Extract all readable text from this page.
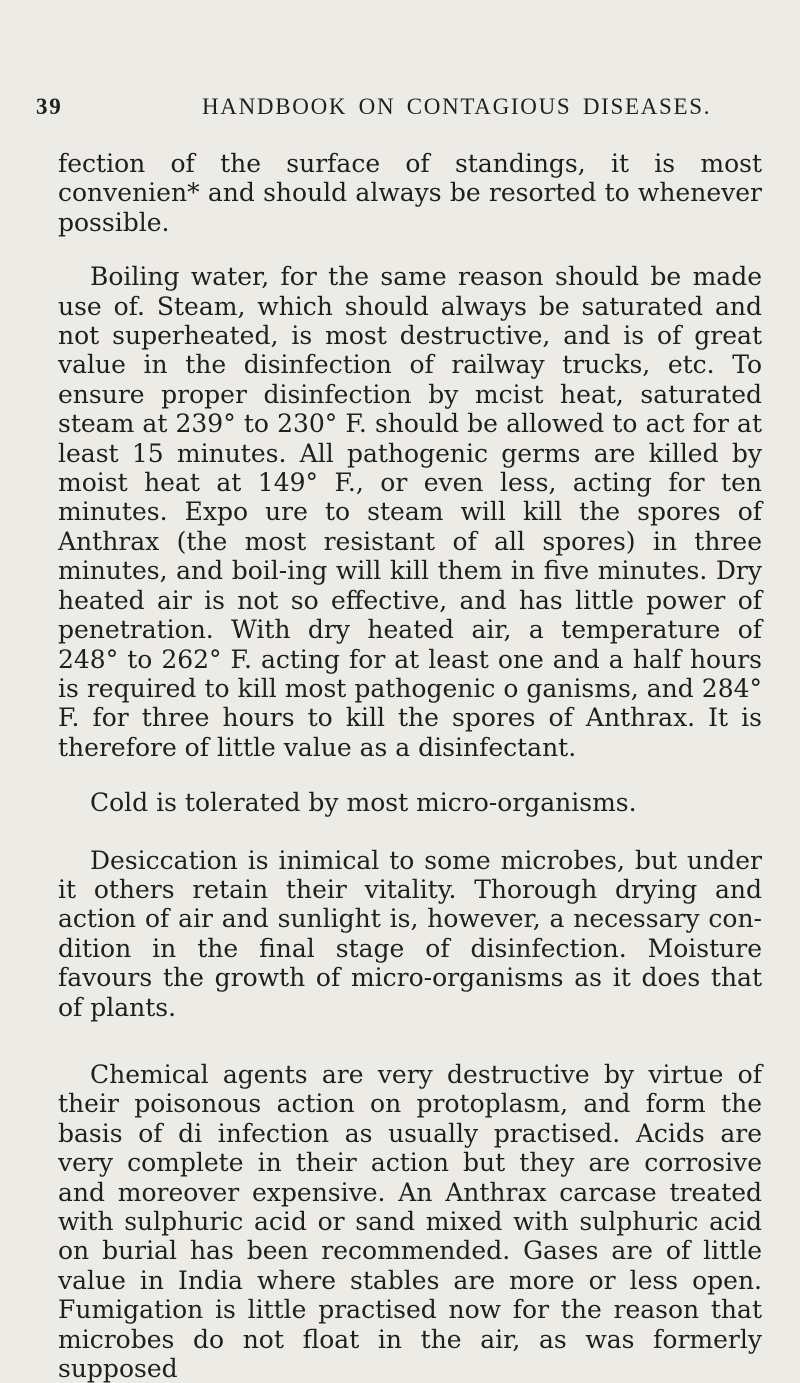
39	HANDBOOK ON CONTAGIOUS DISEASES.

fection of the surface of standings, it is most convenien* and should always be resorted to whenever possible.

Boiling water, for the same reason should be made use of. Steam, which should always be saturated and not superheated, is most destructive, and is of great value in the disinfection of railway trucks, etc. To ensure proper disinfection by mcist heat, saturated steam at 239° to 230° F. should be allowed to act for at least 15 minutes. All pathogenic germs are killed by moist heat at 149° F., or even less, acting for ten minutes. Expo ure to steam will kill the spores of Anthrax (the most resistant of all spores) in three minutes, and boil-ing will kill them in five minutes. Dry heated air is not so effective, and has little power of penetration. With dry heated air, a temperature of 248° to 262° F. acting for at least one and a half hours is required to kill most pathogenic o ganisms, and 284° F. for three hours to kill the spores of Anthrax. It is therefore of little value as a disinfectant.

Cold is tolerated by most micro-organisms.

Desiccation is inimical to some microbes, but under it others retain their vitality. Thorough drying and action of air and sunlight is, however, a necessary con-dition in the final stage of disinfection. Moisture favours the growth of micro-organisms as it does that of plants.

Chemical agents are very destructive by virtue of their poisonous action on protoplasm, and form the basis of di infection as usually practised. Acids are very complete in their action but they are corrosive and moreover expensive. An Anthrax carcase treated with sulphuric acid or sand mixed with sulphuric acid on burial has been recommended. Gases are of little value in India where stables are more or less open. Fumigation is little practised now for the reason that microbes do not float in the air, as was formerly supposed
